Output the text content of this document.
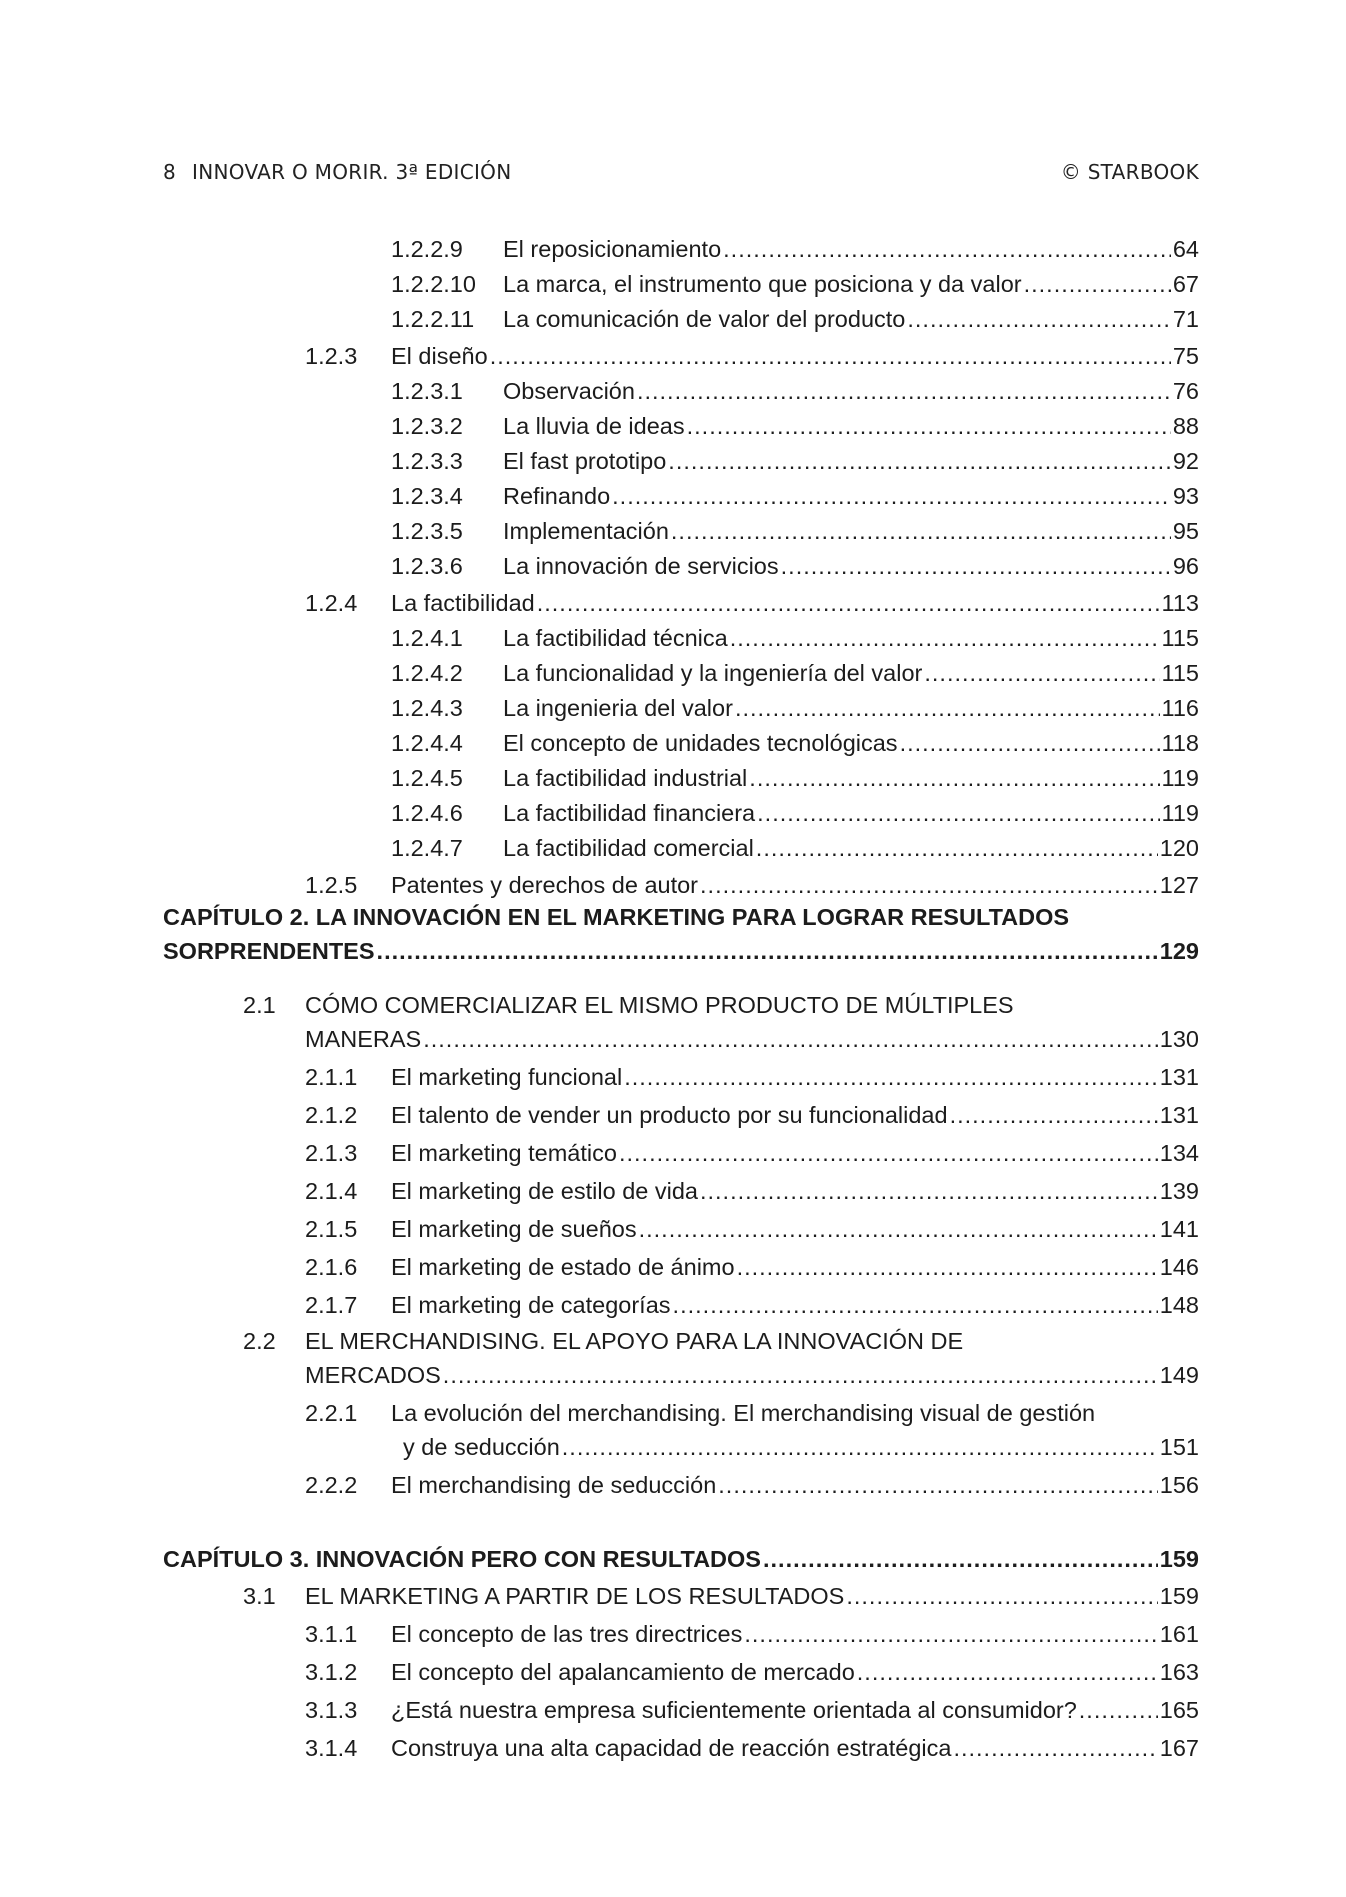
8 INNOVAR O MORIR. 3ª EDICIÓN	© STARBOOK
1.2.2.9 El reposicionamiento .....	64
1.2.2.10 La marca, el instrumento que posiciona y da valor .....	67
1.2.2.11 La comunicación de valor del producto .....	71
1.2.3 El diseño .....	75
1.2.3.1 Observación .....	76
1.2.3.2 La lluvia de ideas .....	88
1.2.3.3 El fast prototipo .....	92
1.2.3.4 Refinando .....	93
1.2.3.5 Implementación .....	95
1.2.3.6 La innovación de servicios .....	96
1.2.4 La factibilidad .....	113
1.2.4.1 La factibilidad técnica .....	115
1.2.4.2 La funcionalidad y la ingeniería del valor .....	115
1.2.4.3 La ingenieria del valor .....	116
1.2.4.4 El concepto de unidades tecnológicas .....	118
1.2.4.5 La factibilidad industrial .....	119
1.2.4.6 La factibilidad financiera .....	119
1.2.4.7 La factibilidad comercial .....	120
1.2.5 Patentes y derechos de autor .....	127
CAPÍTULO 2. LA INNOVACIÓN EN EL MARKETING PARA LOGRAR RESULTADOS
SORPRENDENTES .....	129
2.1 CÓMO COMERCIALIZAR EL MISMO PRODUCTO DE MÚLTIPLES
MANERAS .....	130
2.1.1 El marketing funcional .....	131
2.1.2 El talento de vender un producto por su funcionalidad .....	131
2.1.3 El marketing temático .....	134
2.1.4 El marketing de estilo de vida .....	139
2.1.5 El marketing de sueños .....	141
2.1.6 El marketing de estado de ánimo .....	146
2.1.7 El marketing de categorías .....	148
2.2 EL MERCHANDISING. EL APOYO PARA LA INNOVACIÓN DE
MERCADOS .....	149
2.2.1 La evolución del merchandising. El merchandising visual de gestión
y de seducción .....	151
2.2.2 El merchandising de seducción .....	156
CAPÍTULO 3. INNOVACIÓN PERO CON RESULTADOS .....	159
3.1 EL MARKETING A PARTIR DE LOS RESULTADOS .....	159
3.1.1 El concepto de las tres directrices .....	161
3.1.2 El concepto del apalancamiento de mercado .....	163
3.1.3 ¿Está nuestra empresa suficientemente orientada al consumidor? .....	165
3.1.4 Construya una alta capacidad de reacción estratégica .....	167
